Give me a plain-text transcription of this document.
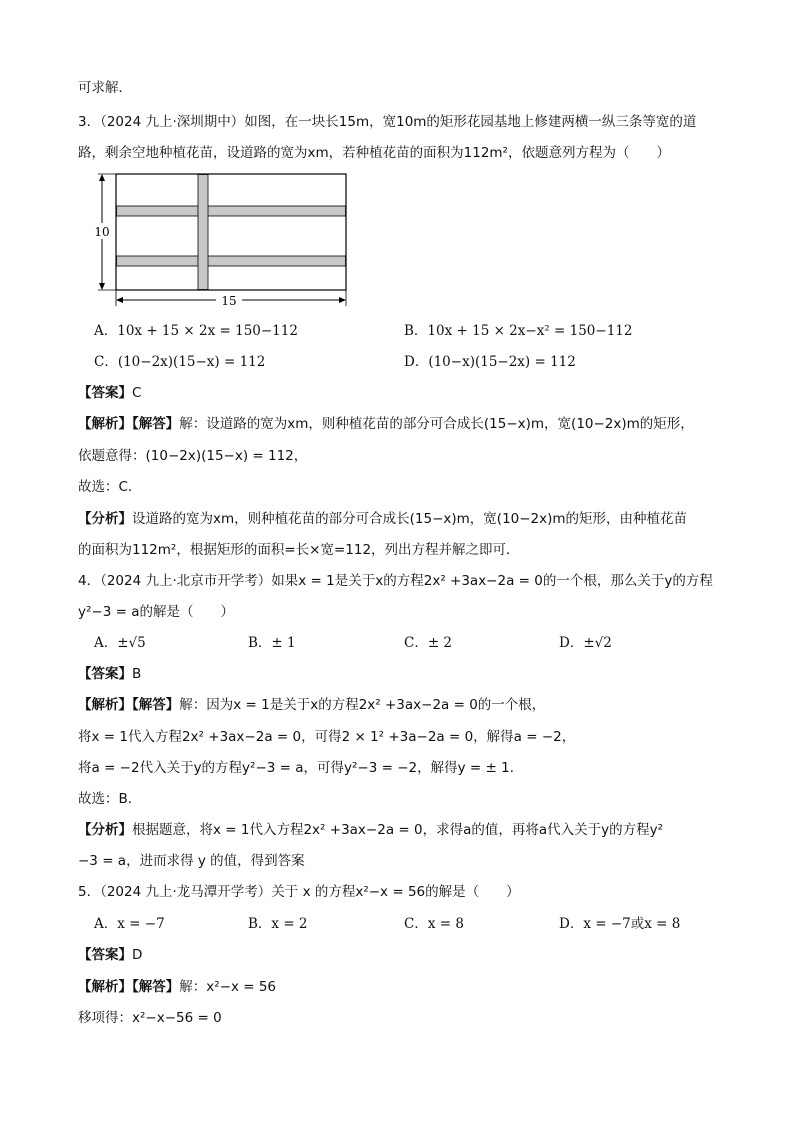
可求解．
3．（2024 九上·深圳期中）如图，在一块长15m，宽10m的矩形花园基地上修建两横一纵三条等宽的道
路，剩余空地种植花苗，设道路的宽为xm，若种植花苗的面积为112m²，依题意列方程为（　　）
10
15
A．10x + 15 × 2x = 150−112	B．10x + 15 × 2x−x² = 150−112
C．(10−2x)(15−x) = 112	D．(10−x)(15−2x) = 112
【答案】C
【解析】【解答】解：设道路的宽为xm，则种植花苗的部分可合成长(15−x)m，宽(10−2x)m的矩形，
依题意得：(10−2x)(15−x) = 112，
故选：C．
【分析】设道路的宽为xm，则种植花苗的部分可合成长(15−x)m，宽(10−2x)m的矩形，由种植花苗
的面积为112m²，根据矩形的面积=长×宽=112，列出方程并解之即可．
4．（2024 九上·北京市开学考）如果x = 1是关于x的方程2x² +3ax−2a = 0的一个根，那么关于y的方程
y²−3 = a的解是（　　）
A．±√5	B．± 1	C．± 2	D．±√2
【答案】B
【解析】【解答】解：因为x = 1是关于x的方程2x² +3ax−2a = 0的一个根，
将x = 1代入方程2x² +3ax−2a = 0，可得2 × 1² +3a−2a = 0，解得a = −2，
将a = −2代入关于y的方程y²−3 = a，可得y²−3 = −2，解得y = ± 1．
故选：B．
【分析】根据题意，将x = 1代入方程2x² +3ax−2a = 0，求得a的值，再将a代入关于y的方程y²
−3 = a，进而求得 y 的值，得到答案
5．（2024 九上·龙马潭开学考）关于 x 的方程x²−x = 56的解是（　　）
A．x = −7	B．x = 2	C．x = 8	D．x = −7或x = 8
【答案】D
【解析】【解答】解：x²−x = 56
移项得：x²−x−56 = 0
